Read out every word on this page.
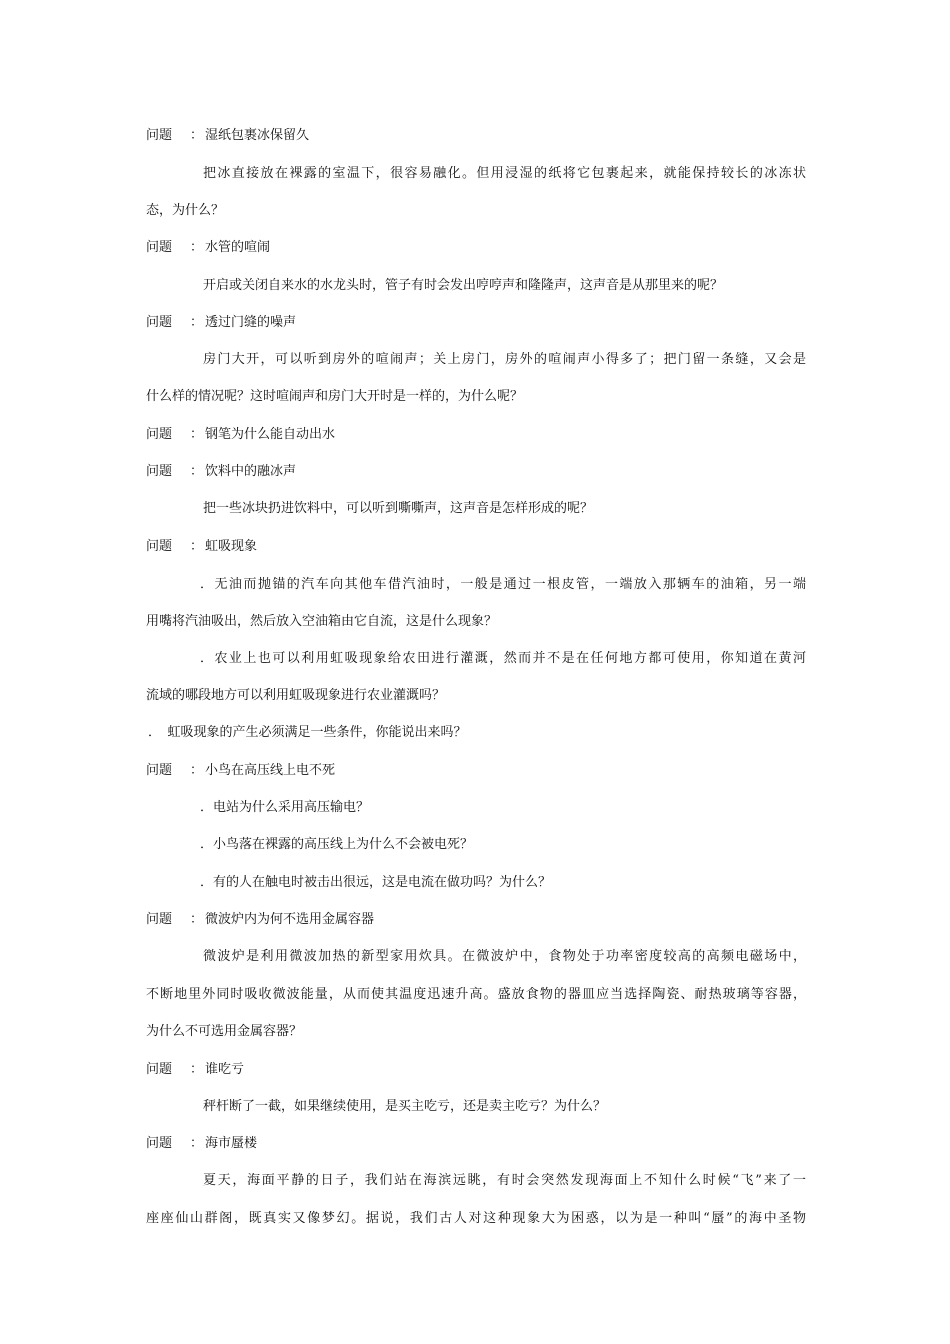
问题 ： 湿纸包裹冰保留久
把冰直接放在裸露的室温下，很容易融化。但用浸湿的纸将它包裹起来，就能保持较长的冰冻状
态，为什么？
问题 ： 水管的喧闹
开启或关闭自来水的水龙头时，管子有时会发出哼哼声和隆隆声，这声音是从那里来的呢？
问题 ： 透过门缝的噪声
房门大开，可以听到房外的喧闹声；关上房门，房外的喧闹声小得多了；把门留一条缝，又会是
什么样的情况呢？这时喧闹声和房门大开时是一样的，为什么呢？
问题 ： 钢笔为什么能自动出水
问题 ： 饮料中的融冰声
把一些冰块扔进饮料中，可以听到嘶嘶声，这声音是怎样形成的呢？
问题 ： 虹吸现象
．无油而抛锚的汽车向其他车借汽油时，一般是通过一根皮管，一端放入那辆车的油箱，另一端
用嘴将汽油吸出，然后放入空油箱由它自流，这是什么现象？
．农业上也可以利用虹吸现象给农田进行灌溉，然而并不是在任何地方都可使用，你知道在黄河
流域的哪段地方可以利用虹吸现象进行农业灌溉吗？
．　虹吸现象的产生必须满足一些条件，你能说出来吗？
问题 ： 小鸟在高压线上电不死
．电站为什么采用高压输电？
．小鸟落在裸露的高压线上为什么不会被电死？
．有的人在触电时被击出很远，这是电流在做功吗？为什么？
问题 ： 微波炉内为何不选用金属容器
微波炉是利用微波加热的新型家用炊具。在微波炉中，食物处于功率密度较高的高频电磁场中，
不断地里外同时吸收微波能量，从而使其温度迅速升高。盛放食物的器皿应当选择陶瓷、耐热玻璃等容器，
为什么不可选用金属容器？
问题 ： 谁吃亏
秤杆断了一截，如果继续使用，是买主吃亏，还是卖主吃亏？为什么？
问题 ： 海市蜃楼
夏天，海面平静的日子，我们站在海滨远眺，有时会突然发现海面上不知什么时候“飞”来了一
座座仙山群阁，既真实又像梦幻。据说，我们古人对这种现象大为困惑，以为是一种叫“蜃”的海中圣物
